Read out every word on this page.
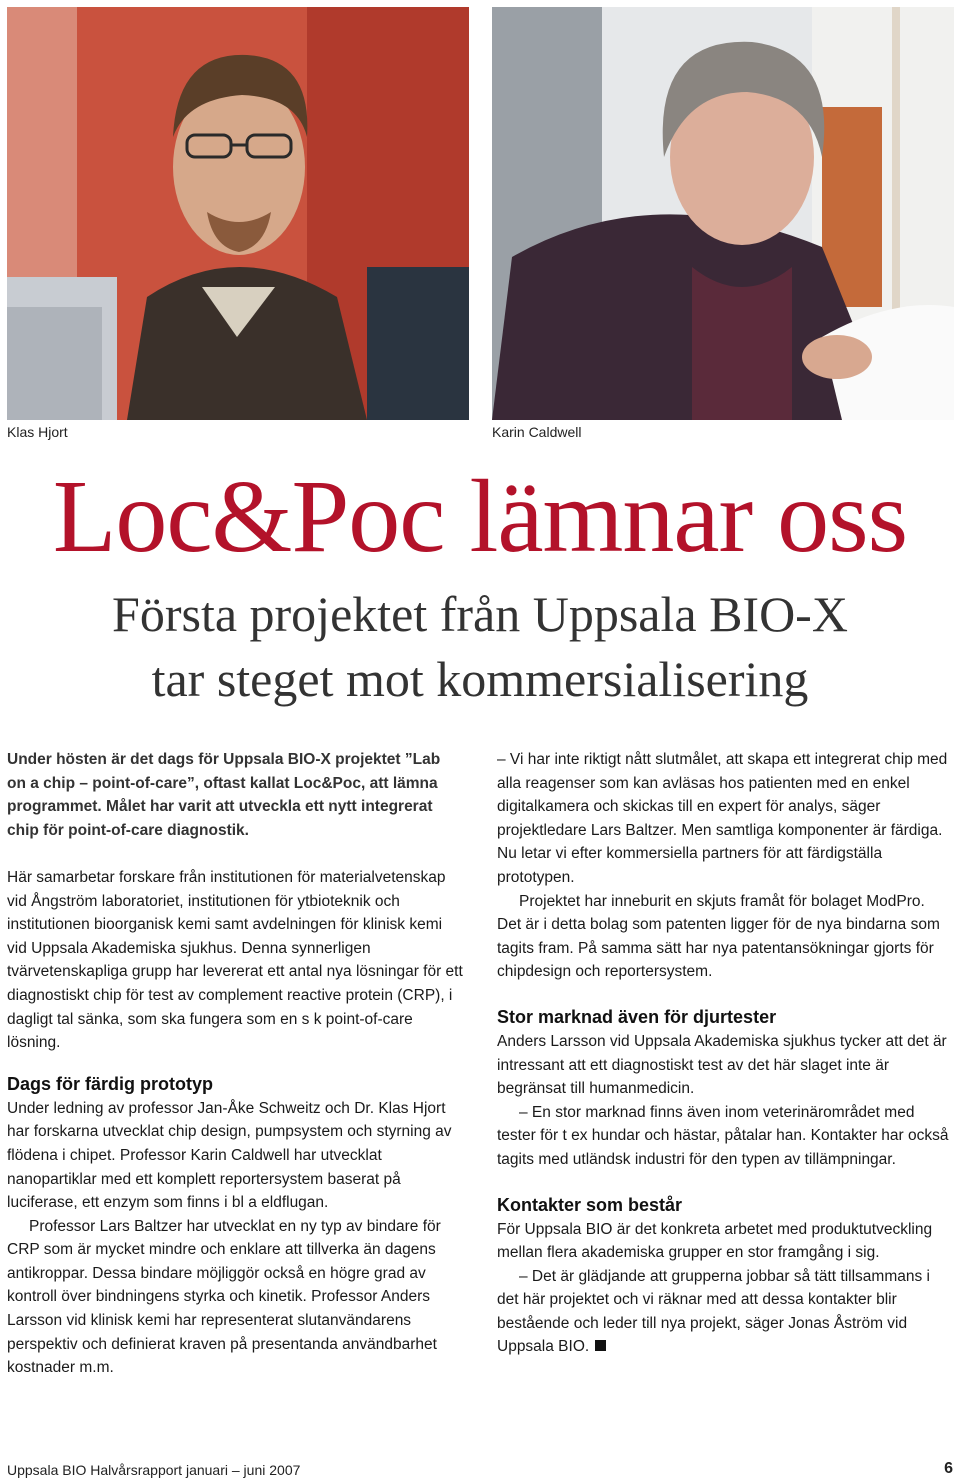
Klas Hjort	Karin Caldwell
Loc&Poc lämnar oss
Första projektet från Uppsala BIO-X
tar steget mot kommersialisering

Under hösten är det dags för Uppsala BIO-X projektet ”Lab on a chip – point-of-care”, oftast kallat Loc&Poc, att lämna programmet. Målet har varit att utveckla ett nytt integrerat chip för point-of-care diagnostik.

Här samarbetar forskare från institutionen för materialvetenskap vid Ångström laboratoriet, institutionen för ytbioteknik och institutionen bioorganisk kemi samt avdelningen för klinisk kemi vid Uppsala Akademiska sjukhus. Denna synnerligen tvärvetenskapliga grupp har levererat ett antal nya lösningar för ett diagnostiskt chip för test av complement reactive protein (CRP), i dagligt tal sänka, som ska fungera som en s k point-of-care lösning.

Dags för färdig prototyp

Under ledning av professor Jan-Åke Schweitz och Dr. Klas Hjort har forskarna utvecklat chip design, pumpsystem och styrning av flödena i chipet. Professor Karin Caldwell har utvecklat nanopartiklar med ett komplett reportersystem baserat på luciferase, ett enzym som finns i bl a eldflugan.

Professor Lars Baltzer har utvecklat en ny typ av bindare för CRP som är mycket mindre och enklare att tillverka än dagens antikroppar. Dessa bindare möjliggör också en högre grad av kontroll över bindningens styrka och kinetik. Professor Anders Larsson vid klinisk kemi har representerat slutanvändarens perspektiv och definierat kraven på presentanda användbarhet kostnader m.m.

– Vi har inte riktigt nått slutmålet, att skapa ett integrerat chip med alla reagenser som kan avläsas hos patienten med en enkel digitalkamera och skickas till en expert för analys, säger projektledare Lars Baltzer. Men samtliga komponenter är färdiga. Nu letar vi efter kommersiella partners för att färdigställa prototypen.

Projektet har inneburit en skjuts framåt för bolaget ModPro. Det är i detta bolag som patenten ligger för de nya bindarna som tagits fram. På samma sätt har nya patentansökningar gjorts för chipdesign och reportersystem.

Stor marknad även för djurtester

Anders Larsson vid Uppsala Akademiska sjukhus tycker att det är intressant att ett diagnostiskt test av det här slaget inte är begränsat till humanmedicin.

– En stor marknad finns även inom veterinärområdet med tester för t ex hundar och hästar, påtalar han. Kontakter har också tagits med utländsk industri för den typen av tillämpningar.

Kontakter som består

För Uppsala BIO är det konkreta arbetet med produktutveckling mellan flera akademiska grupper en stor framgång i sig.

– Det är glädjande att grupperna jobbar så tätt tillsammans i det här projektet och vi räknar med att dessa kontakter blir bestående och leder till nya projekt, säger Jonas Åström vid Uppsala BIO.

Uppsala BIO Halvårsrapport januari – juni 2007	6
